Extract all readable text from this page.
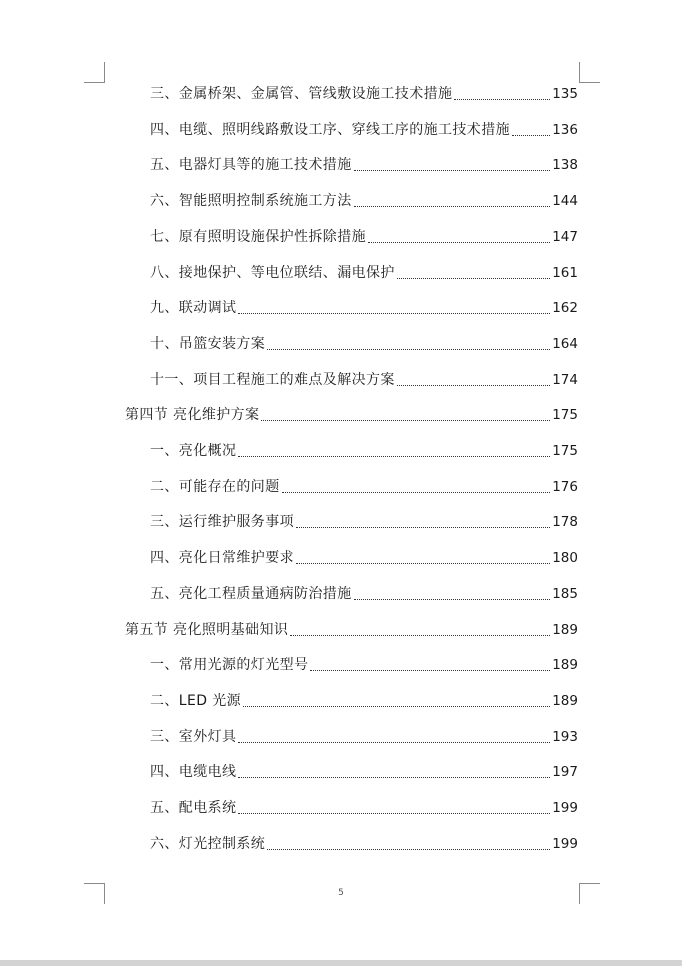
三、金属桥架、金属管、管线敷设施工技术措施	135
四、电缆、照明线路敷设工序、穿线工序的施工技术措施	136
五、电器灯具等的施工技术措施	138
六、智能照明控制系统施工方法	144
七、原有照明设施保护性拆除措施	147
八、接地保护、等电位联结、漏电保护	161
九、联动调试	162
十、吊篮安装方案	164
十一、项目工程施工的难点及解决方案	174
第四节 亮化维护方案	175
一、亮化概况	175
二、可能存在的问题	176
三、运行维护服务事项	178
四、亮化日常维护要求	180
五、亮化工程质量通病防治措施	185
第五节 亮化照明基础知识	189
一、常用光源的灯光型号	189
二、LED 光源	189
三、室外灯具	193
四、电缆电线	197
五、配电系统	199
六、灯光控制系统	199
5
